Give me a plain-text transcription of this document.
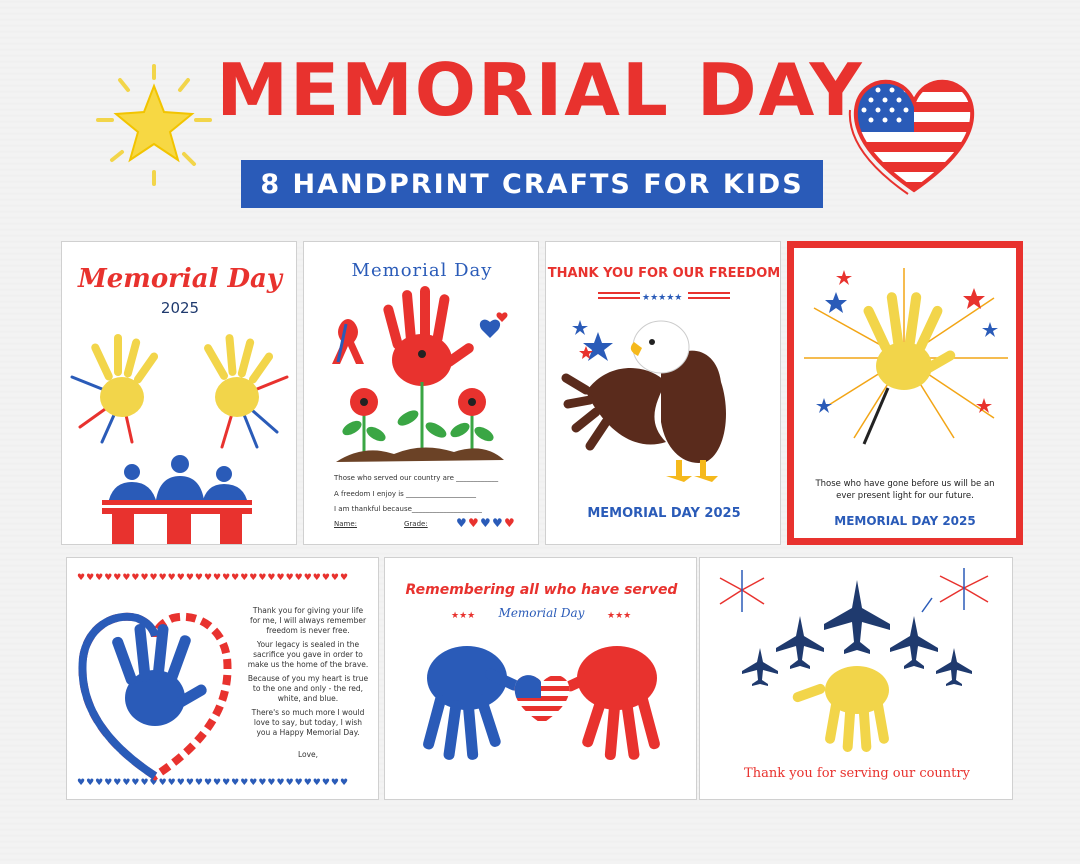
MEMORIAL DAY
8 HANDPRINT CRAFTS FOR KIDS
Memorial Day
2025
Memorial Day
♥ ♥ ♥ ♥ ♥
Those who served our country are ____________
A freedom I enjoy is ____________________
I am thankful because____________________
Name:	Grade:
THANK YOU FOR OUR FREEDOM
★★★★★
MEMORIAL DAY 2025
Those who have gone before us will be an ever present light for our future.
MEMORIAL DAY 2025
♥♥♥♥♥♥♥♥♥♥♥♥♥♥♥♥♥♥♥♥♥♥♥♥♥♥♥♥♥♥
♥♥♥♥♥♥♥♥♥♥♥♥♥♥♥♥♥♥♥♥♥♥♥♥♥♥♥♥♥♥
Thank you for giving your life for me, I will always remember freedom is never free.
Your legacy is sealed in the sacrifice you gave in order to make us the home of the brave.
Because of you my heart is true to the one and only - the red, white, and blue.
There's so much more I would love to say, but today, I wish you a Happy Memorial Day.
Love,
Remembering all who have served
Memorial Day
★★★	★★★
Thank you for serving our country
